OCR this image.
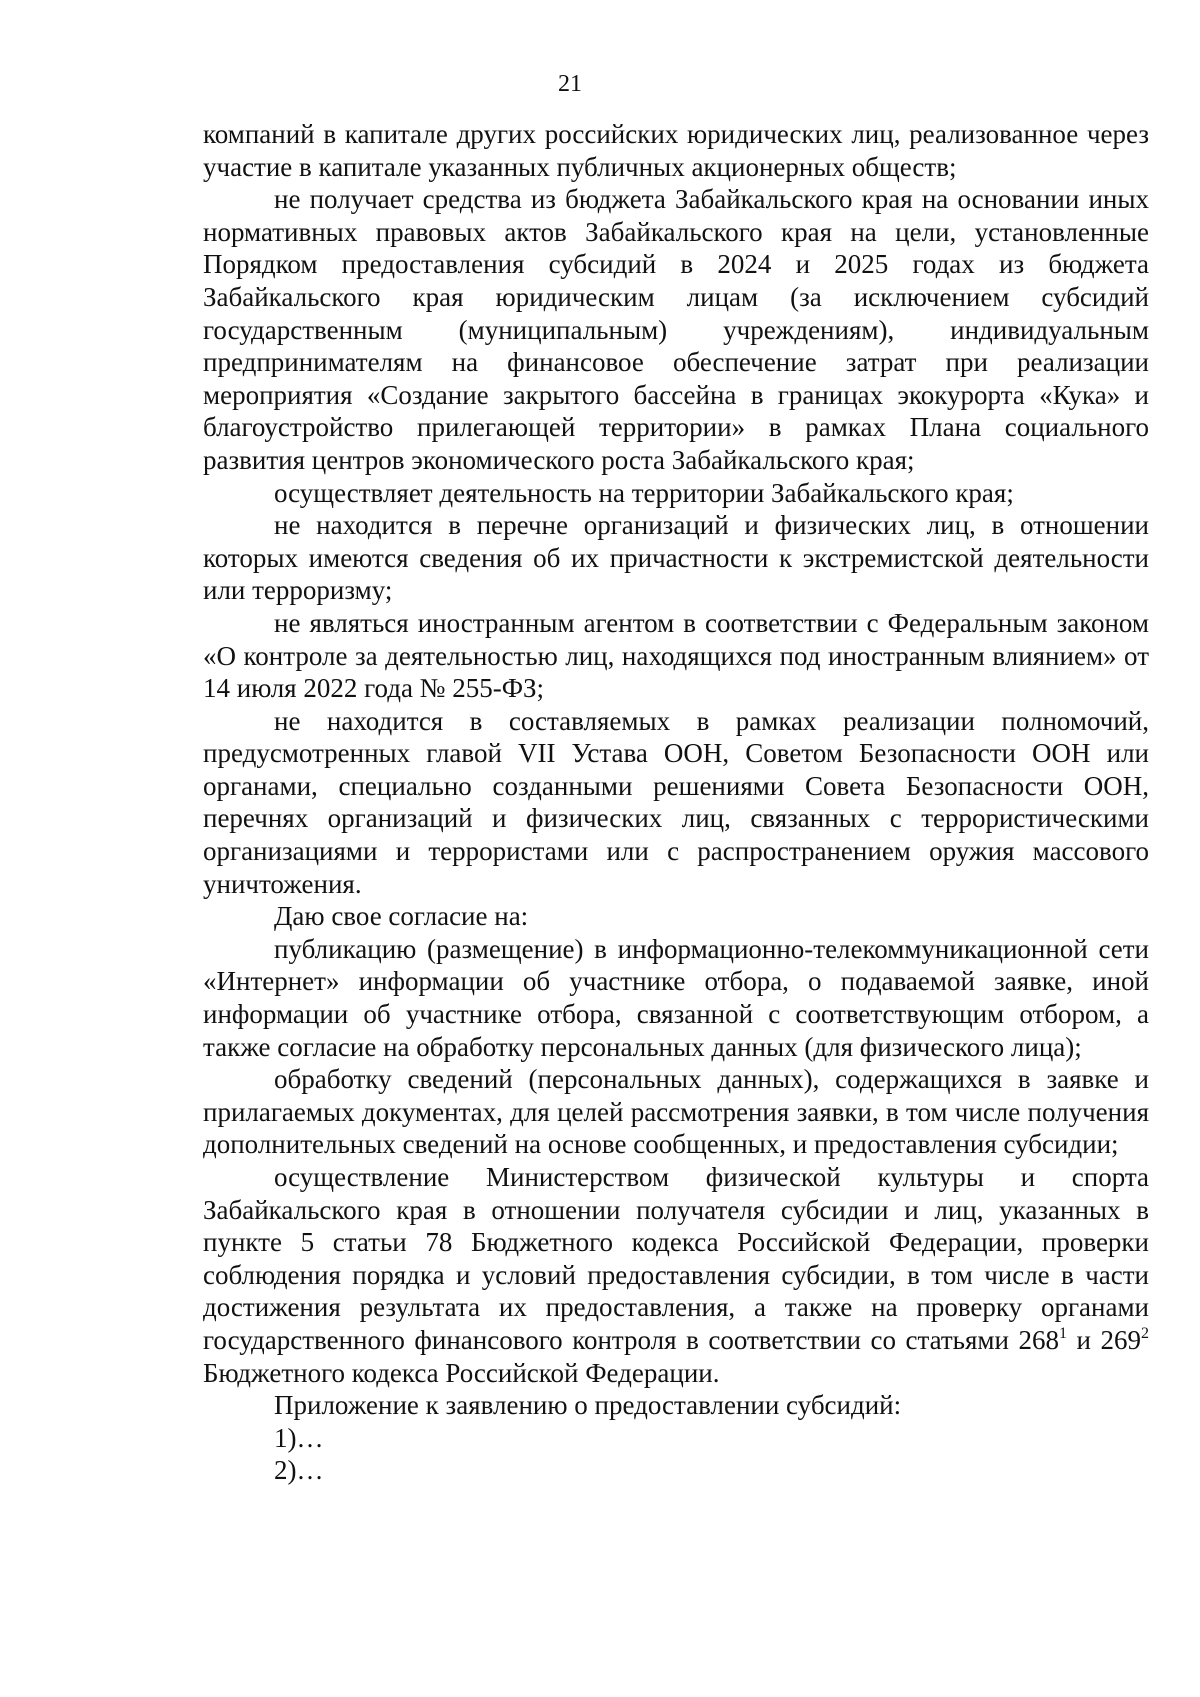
21

компаний в капитале других российских юридических лиц, реализованное через участие в капитале указанных публичных акционерных обществ;

не получает средства из бюджета Забайкальского края на основании иных нормативных правовых актов Забайкальского края на цели, установленные Порядком предоставления субсидий в 2024 и 2025 годах из бюджета Забайкальского края юридическим лицам (за исключением субсидий государственным (муниципальным) учреждениям), индивидуальным предпринимателям на финансовое обеспечение затрат при реализации мероприятия «Создание закрытого бассейна в границах экокурорта «Кука» и благоустройство прилегающей территории» в рамках Плана социального развития центров экономического роста Забайкальского края;

осуществляет деятельность на территории Забайкальского края;

не находится в перечне организаций и физических лиц, в отношении которых имеются сведения об их причастности к экстремистской деятельности или терроризму;

не являться иностранным агентом в соответствии с Федеральным законом «О контроле за деятельностью лиц, находящихся под иностранным влиянием» от 14 июля 2022 года № 255-ФЗ;

не находится в составляемых в рамках реализации полномочий, предусмотренных главой VII Устава ООН, Советом Безопасности ООН или органами, специально созданными решениями Совета Безопасности ООН, перечнях организаций и физических лиц, связанных с террористическими организациями и террористами или с распространением оружия массового уничтожения.

Даю свое согласие на:

публикацию (размещение) в информационно-телекоммуникационной сети «Интернет» информации об участнике отбора, о подаваемой заявке, иной информации об участнике отбора, связанной с соответствующим отбором, а также согласие на обработку персональных данных (для физического лица);

обработку сведений (персональных данных), содержащихся в заявке и прилагаемых документах, для целей рассмотрения заявки, в том числе получения дополнительных сведений на основе сообщенных, и предоставления субсидии;

осуществление Министерством физической культуры и спорта Забайкальского края в отношении получателя субсидии и лиц, указанных в пункте 5 статьи 78 Бюджетного кодекса Российской Федерации, проверки соблюдения порядка и условий предоставления субсидии, в том числе в части достижения результата их предоставления, а также на проверку органами государственного финансового контроля в соответствии со статьями $268^1$ и $269^2$ Бюджетного кодекса Российской Федерации.

Приложение к заявлению о предоставлении субсидий:

1)…

2)…
